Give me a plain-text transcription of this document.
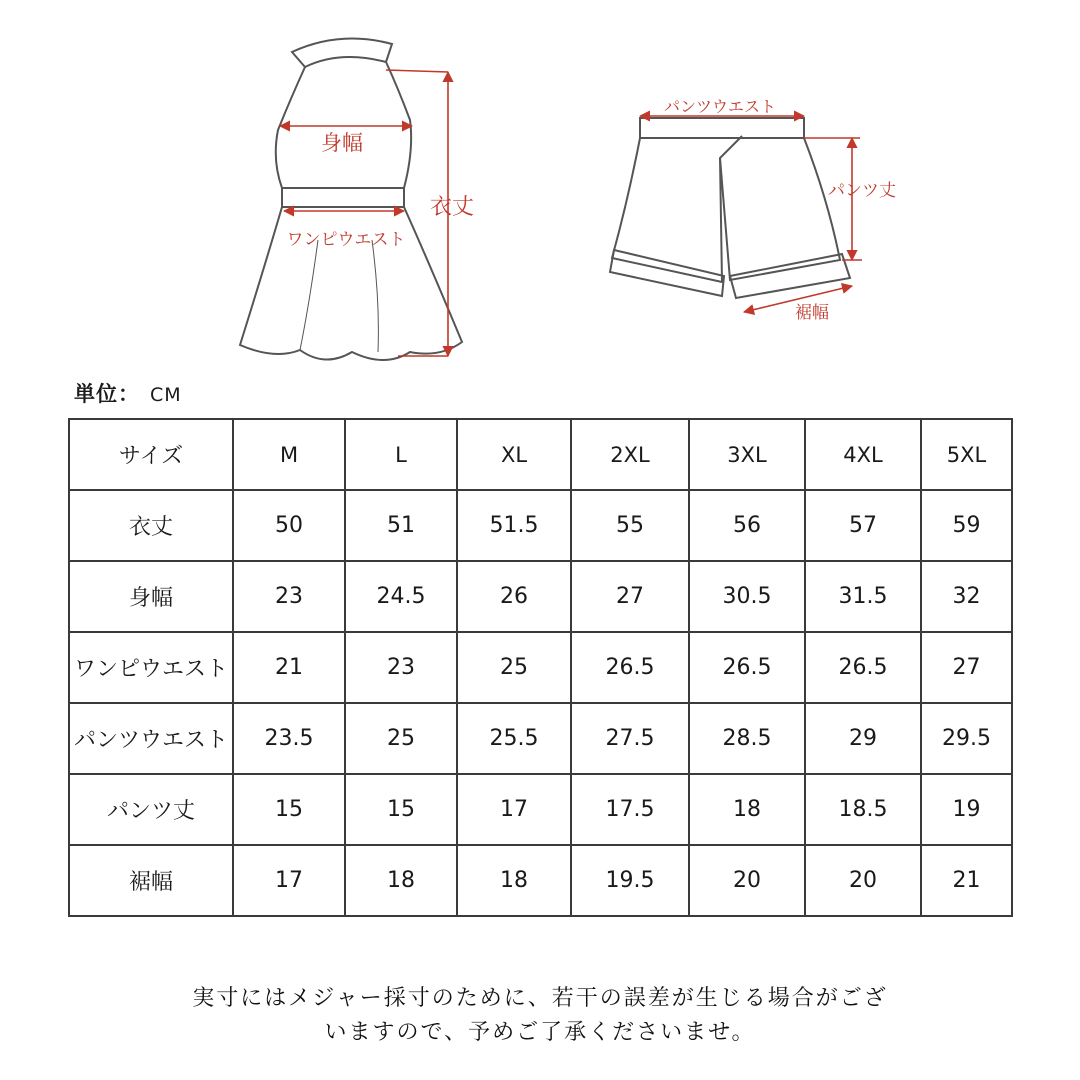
身幅
ワンピウエスト
衣丈
パンツウエスト
パンツ丈
裾幅
単位： CM
サイズ	M	L	XL	2XL	3XL	4XL	5XL
衣丈	50	51	51.5	55	56	57	59
身幅	23	24.5	26	27	30.5	31.5	32
ワンピウエスト	21	23	25	26.5	26.5	26.5	27
パンツウエスト	23.5	25	25.5	27.5	28.5	29	29.5
パンツ丈	15	15	17	17.5	18	18.5	19
裾幅	17	18	18	19.5	20	20	21
実寸にはメジャー採寸のために、若干の誤差が生じる場合がござ
いますので、予めご了承くださいませ。
